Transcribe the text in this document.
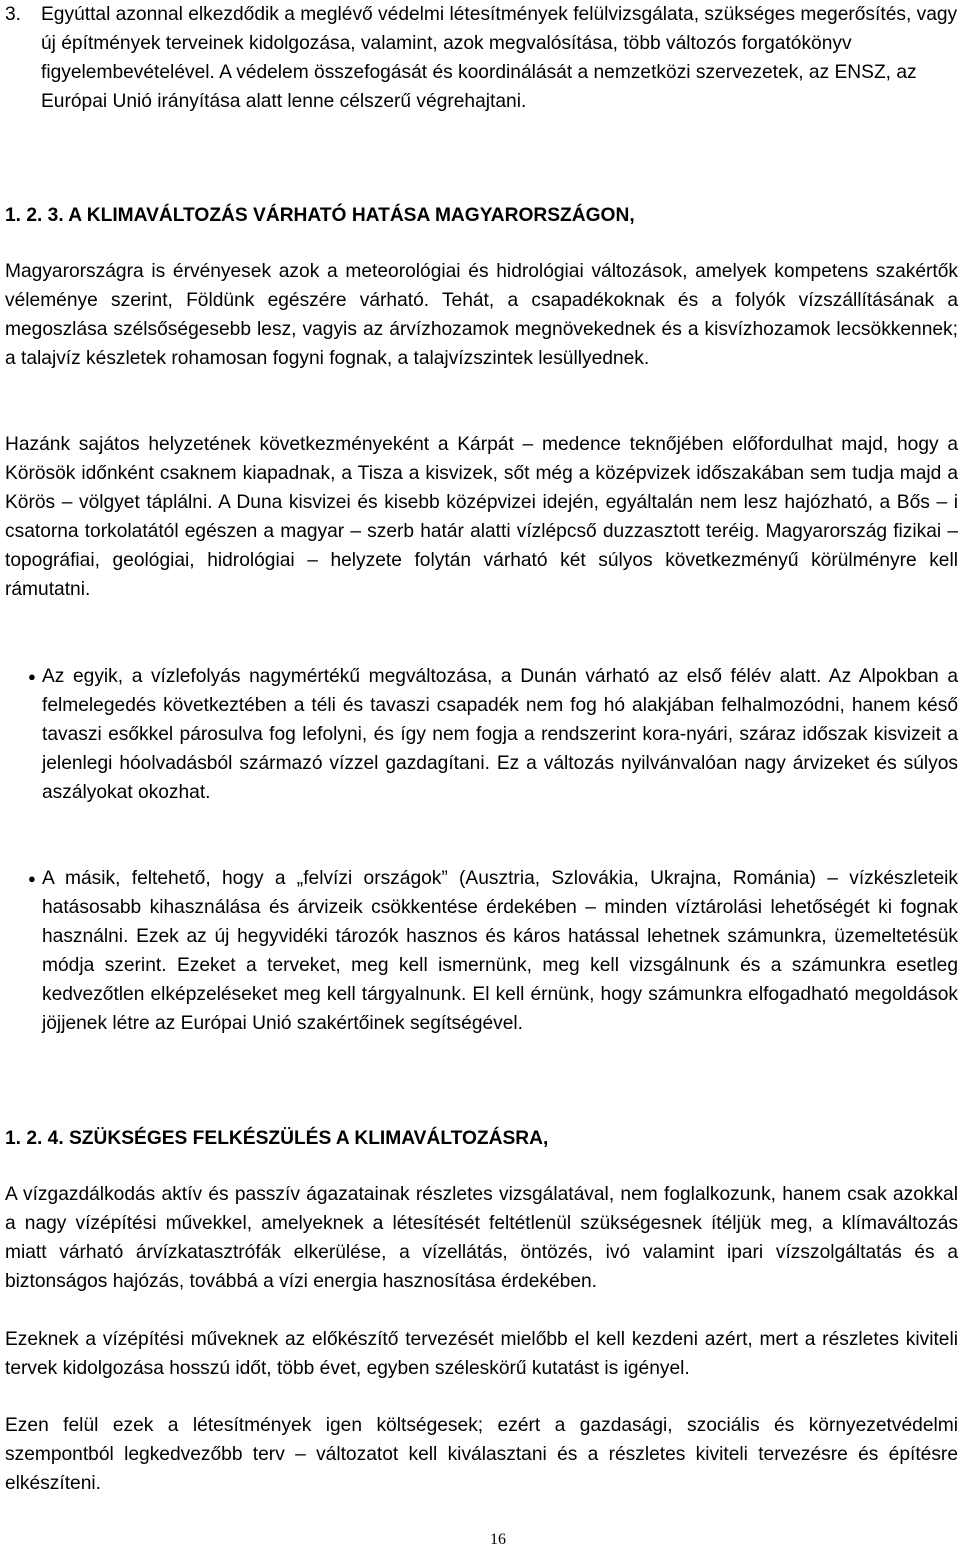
3.	Egyúttal azonnal elkezdődik a meglévő védelmi létesítmények felülvizsgálata, szükséges megerősítés, vagy új építmények terveinek kidolgozása, valamint, azok megvalósítása, több változós forgatókönyv figyelembevételével. A védelem összefogását és koordinálását a nemzetközi szervezetek, az ENSZ, az Európai Unió irányítása alatt lenne célszerű végrehajtani.
1. 2. 3. A KLIMAVÁLTOZÁS VÁRHATÓ HATÁSA MAGYARORSZÁGON,
Magyarországra is érvényesek azok a meteorológiai és hidrológiai változások, amelyek kompetens szakértők véleménye szerint, Földünk egészére várható. Tehát, a csapadékoknak és a folyók vízszállításának a megoszlása szélsőségesebb lesz, vagyis az árvízhozamok megnövekednek és a kisvízhozamok lecsökkennek; a talajvíz készletek rohamosan fogyni fognak, a talajvízszintek lesüllyednek.
Hazánk sajátos helyzetének következményeként a Kárpát – medence teknőjében előfordulhat majd, hogy a Körösök időnként csaknem kiapadnak, a Tisza a kisvizek, sőt még a középvizek időszakában sem tudja majd a Körös – völgyet táplálni. A Duna kisvizei és kisebb középvizei idején, egyáltalán nem lesz hajózható, a Bős – i csatorna torkolatától egészen a magyar – szerb határ alatti vízlépcső duzzasztott teréig. Magyarország fizikai – topográfiai, geológiai, hidrológiai – helyzete folytán várható két súlyos következményű körülményre kell rámutatni.
● Az egyik, a vízlefolyás nagymértékű megváltozása, a Dunán várható az első félév alatt. Az Alpokban a felmelegedés következtében a téli és tavaszi csapadék nem fog hó alakjában felhalmozódni, hanem késő tavaszi esőkkel párosulva fog lefolyni, és így nem fogja a rendszerint kora-nyári, száraz időszak kisvizeit a jelenlegi hóolvadásból származó vízzel gazdagítani. Ez a változás nyilvánvalóan nagy árvizeket és súlyos aszályokat okozhat.
● A másik, feltehető, hogy a „felvízi országok” (Ausztria, Szlovákia, Ukrajna, Románia) – vízkészleteik hatásosabb kihasználása és árvizeik csökkentése érdekében – minden víztárolási lehetőségét ki fognak használni. Ezek az új hegyvidéki tározók hasznos és káros hatással lehetnek számunkra, üzemeltetésük módja szerint. Ezeket a terveket, meg kell ismernünk, meg kell vizsgálnunk és a számunkra esetleg kedvezőtlen elképzeléseket meg kell tárgyalnunk. El kell érnünk, hogy számunkra elfogadható megoldások jöjjenek létre az Európai Unió szakértőinek segítségével.
1. 2. 4. SZÜKSÉGES FELKÉSZÜLÉS A KLIMAVÁLTOZÁSRA,
A vízgazdálkodás aktív és passzív ágazatainak részletes vizsgálatával, nem foglalkozunk, hanem csak azokkal a nagy vízépítési művekkel, amelyeknek a létesítését feltétlenül szükségesnek ítéljük meg, a klímaváltozás miatt várható árvízkatasztrófák elkerülése, a vízellátás, öntözés, ivó valamint ipari vízszolgáltatás és a biztonságos hajózás, továbbá a vízi energia hasznosítása érdekében.
Ezeknek a vízépítési műveknek az előkészítő tervezését mielőbb el kell kezdeni azért, mert a részletes kiviteli tervek kidolgozása hosszú időt, több évet, egyben széleskörű kutatást is igényel.
Ezen felül ezek a létesítmények igen költségesek; ezért a gazdasági, szociális és környezetvédelmi szempontból legkedvezőbb terv – változatot kell kiválasztani és a részletes kiviteli tervezésre és építésre elkészíteni.
16
